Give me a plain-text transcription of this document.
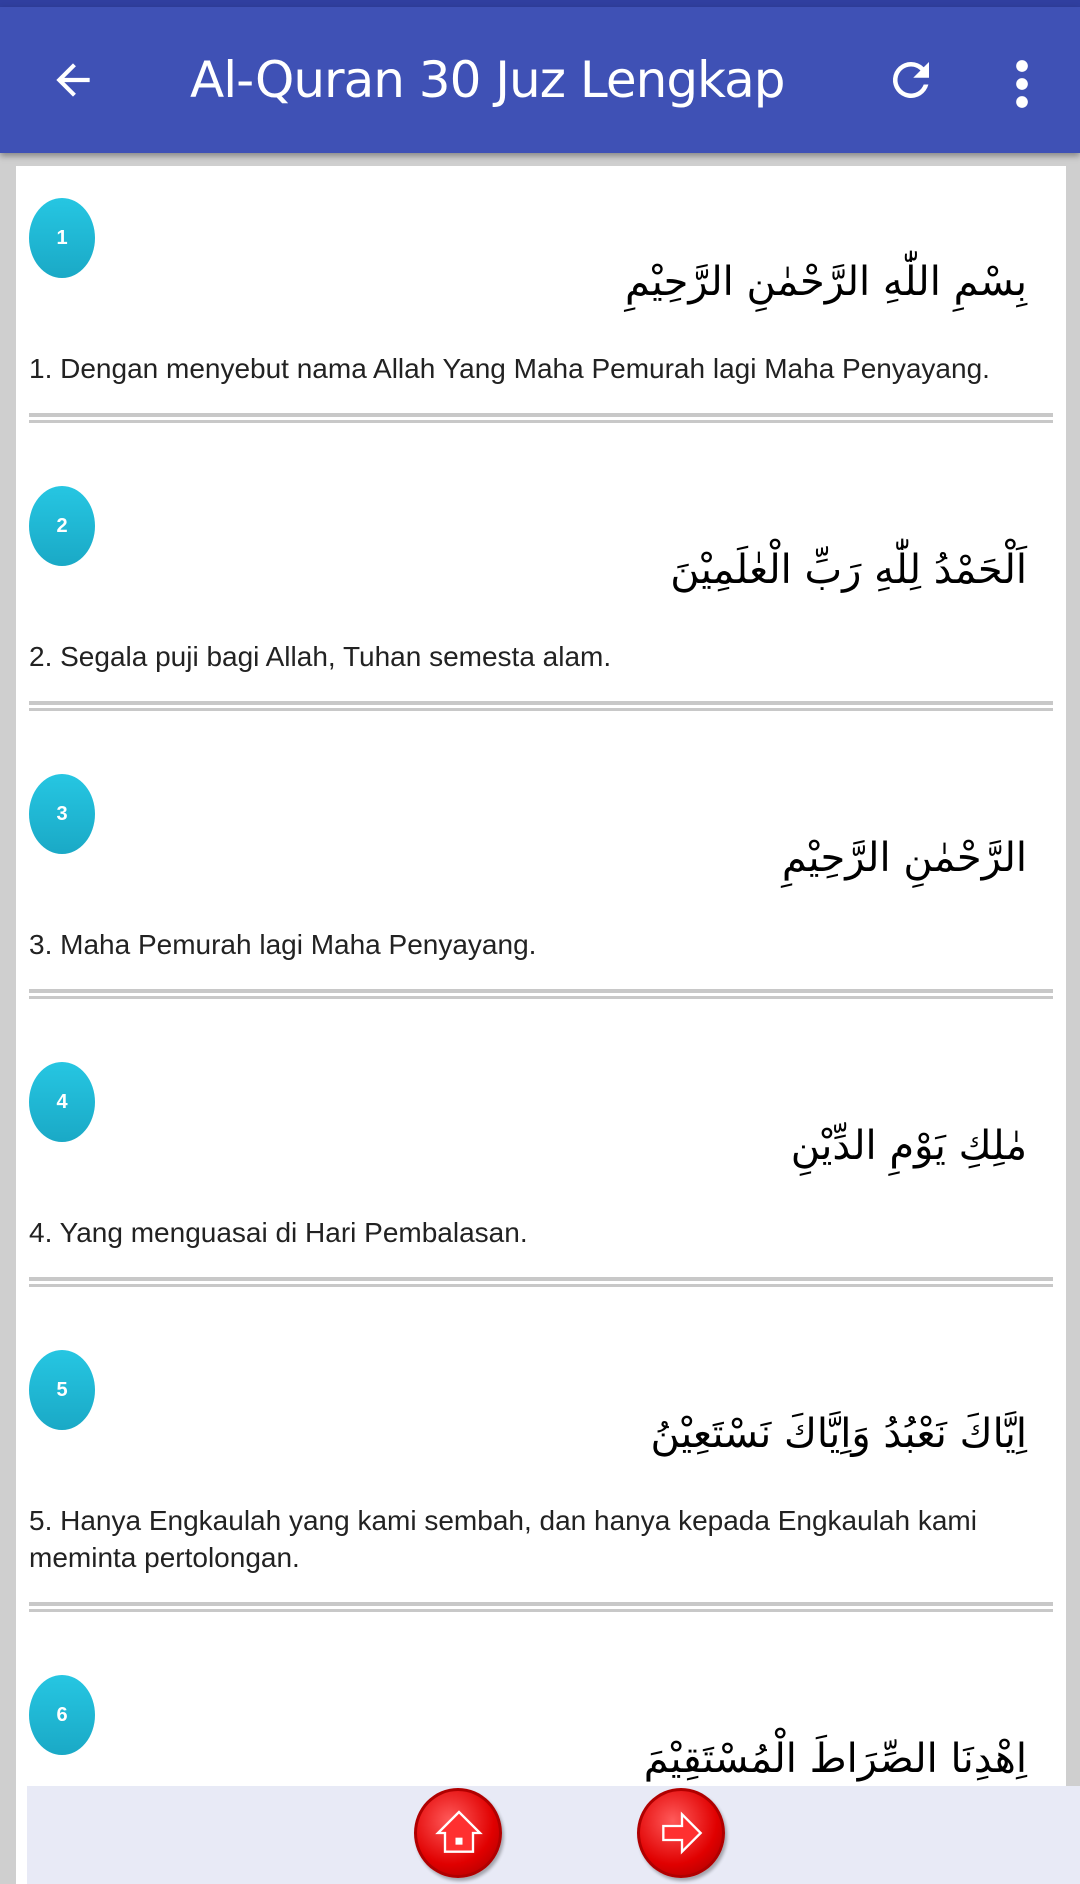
Al-Quran 30 Juz Lengkap
1
بِسْمِ اللّٰهِ الرَّحْمٰنِ الرَّحِيْمِ
1. Dengan menyebut nama Allah Yang Maha Pemurah lagi Maha Penyayang.
2
اَلْحَمْدُ لِلّٰهِ رَبِّ الْعٰلَمِيْنَ
2. Segala puji bagi Allah, Tuhan semesta alam.
3
الرَّحْمٰنِ الرَّحِيْمِ
3. Maha Pemurah lagi Maha Penyayang.
4
مٰلِكِ يَوْمِ الدِّيْنِ
4. Yang menguasai di Hari Pembalasan.
5
اِيَّاكَ نَعْبُدُ وَاِيَّاكَ نَسْتَعِيْنُ
5. Hanya Engkaulah yang kami sembah, dan hanya kepada Engkaulah kami meminta pertolongan.
6
اِهْدِنَا الصِّرَاطَ الْمُسْتَقِيْمَ
